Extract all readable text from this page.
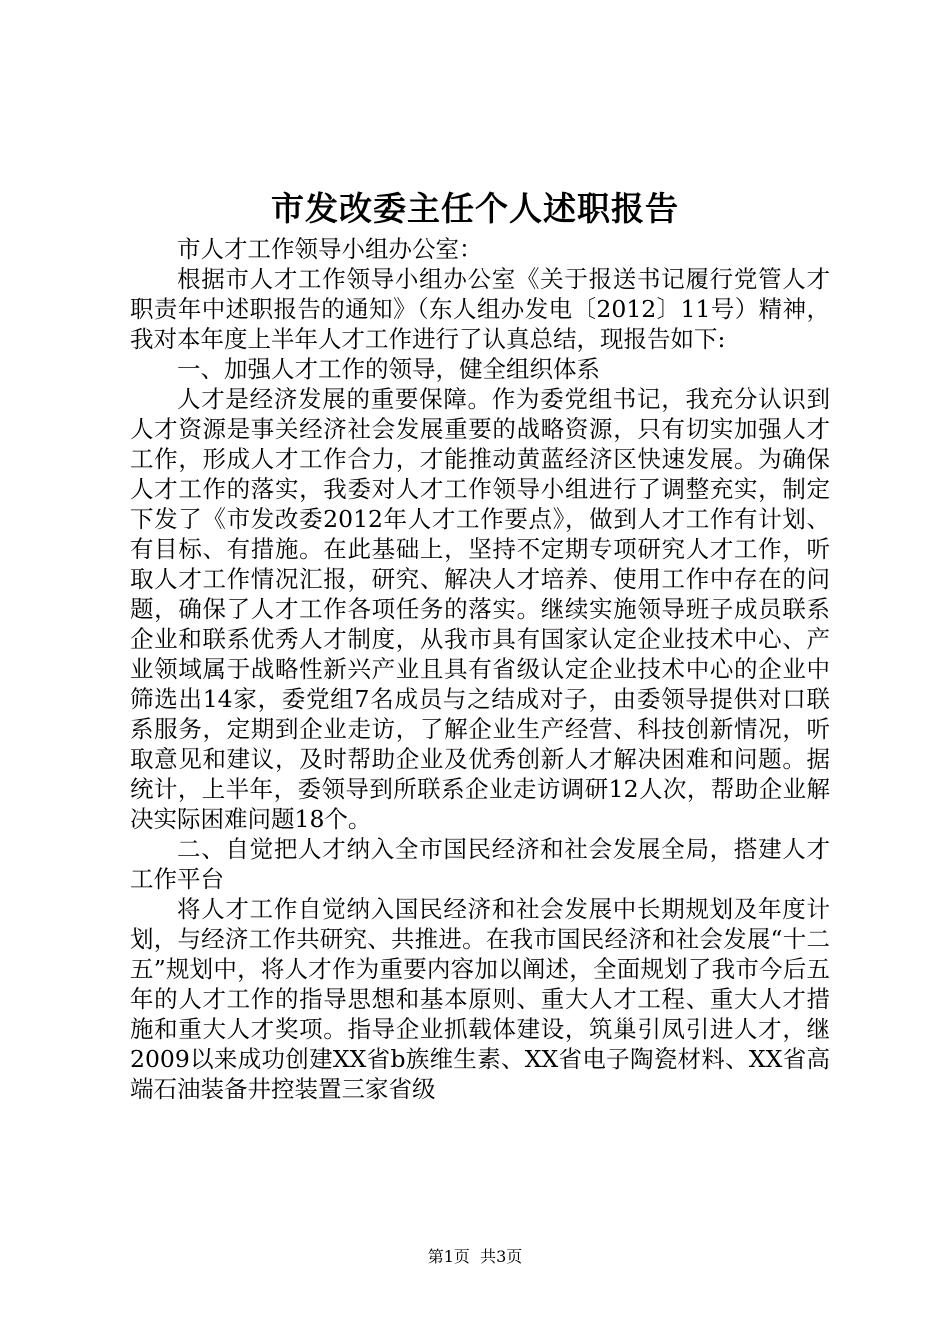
市发改委主任个人述职报告

市人才工作领导小组办公室：

根据市人才工作领导小组办公室《关于报送书记履行党管人才职责年中述职报告的通知》（东人组办发电〔2012〕11号）精神，我对本年度上半年人才工作进行了认真总结，现报告如下:

一、加强人才工作的领导，健全组织体系

人才是经济发展的重要保障。作为委党组书记，我充分认识到人才资源是事关经济社会发展重要的战略资源，只有切实加强人才工作，形成人才工作合力，才能推动黄蓝经济区快速发展。为确保人才工作的落实，我委对人才工作领导小组进行了调整充实，制定下发了《市发改委2012年人才工作要点》，做到人才工作有计划、有目标、有措施。在此基础上，坚持不定期专项研究人才工作，听取人才工作情况汇报，研究、解决人才培养、使用工作中存在的问题，确保了人才工作各项任务的落实。继续实施领导班子成员联系企业和联系优秀人才制度，从我市具有国家认定企业技术中心、产业领域属于战略性新兴产业且具有省级认定企业技术中心的企业中筛选出14家，委党组7名成员与之结成对子，由委领导提供对口联系服务，定期到企业走访，了解企业生产经营、科技创新情况，听取意见和建议，及时帮助企业及优秀创新人才解决困难和问题。据统计，上半年，委领导到所联系企业走访调研12人次，帮助企业解决实际困难问题18个。

二、自觉把人才纳入全市国民经济和社会发展全局，搭建人才工作平台

将人才工作自觉纳入国民经济和社会发展中长期规划及年度计划，与经济工作共研究、共推进。在我市国民经济和社会发展“十二五”规划中，将人才作为重要内容加以阐述，全面规划了我市今后五年的人才工作的指导思想和基本原则、重大人才工程、重大人才措施和重大人才奖项。指导企业抓载体建设，筑巢引凤引进人才，继2009以来成功创建XX省b族维生素、XX省电子陶瓷材料、XX省高端石油装备井控装置三家省级

第1页 共3页
